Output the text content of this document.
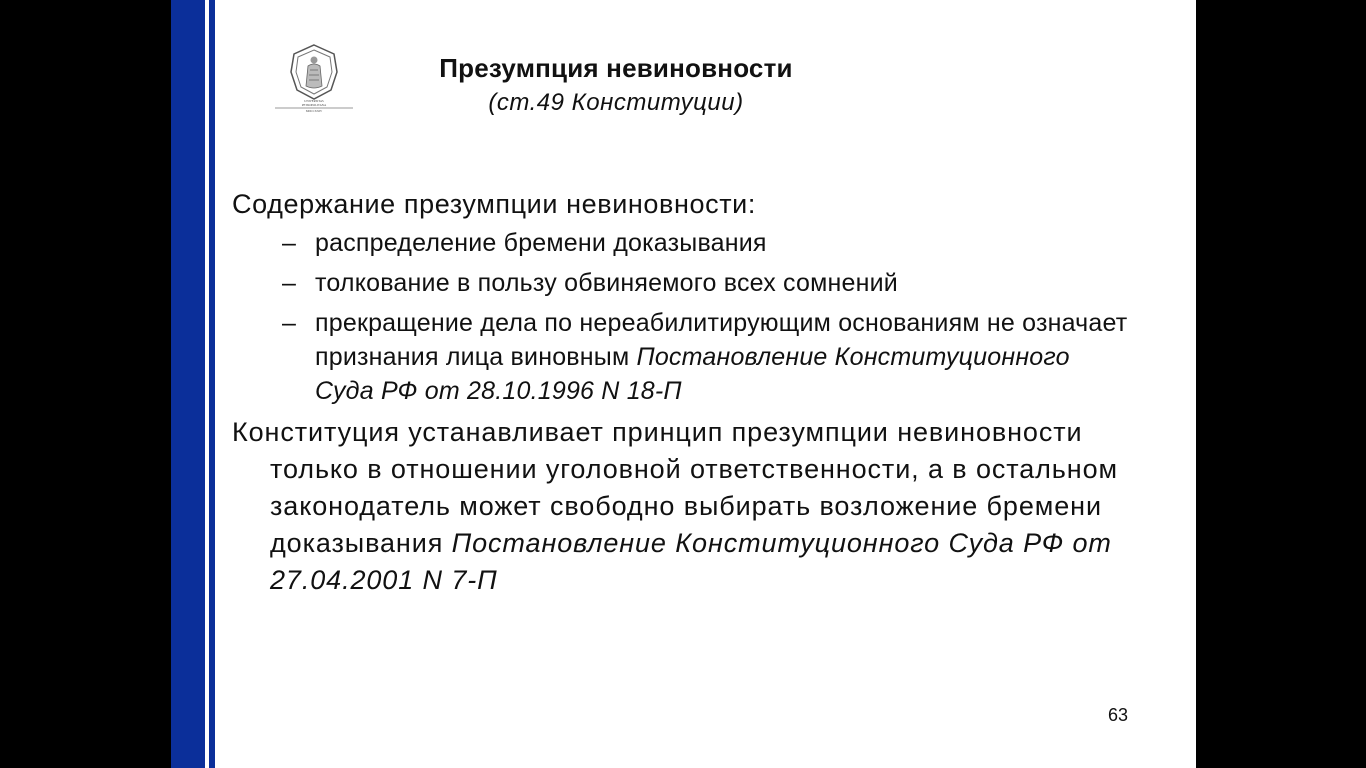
UNIVERSITAS
PETROPOLITANA
MDCCXXIV
Презумпция невиновности
(ст.49 Конституции)
Содержание презумпции невиновности:
– распределение бремени доказывания
– толкование в пользу обвиняемого всех сомнений
– прекращение дела по нереабилитирующим основаниям не означает признания лица виновным Постановление Конституционного Суда РФ от 28.10.1996 N 18-П
Конституция устанавливает принцип презумпции невиновности только в отношении уголовной ответственности, а в остальном законодатель может свободно выбирать возложение бремени доказывания Постановление Конституционного Суда РФ от 27.04.2001 N 7-П
63
